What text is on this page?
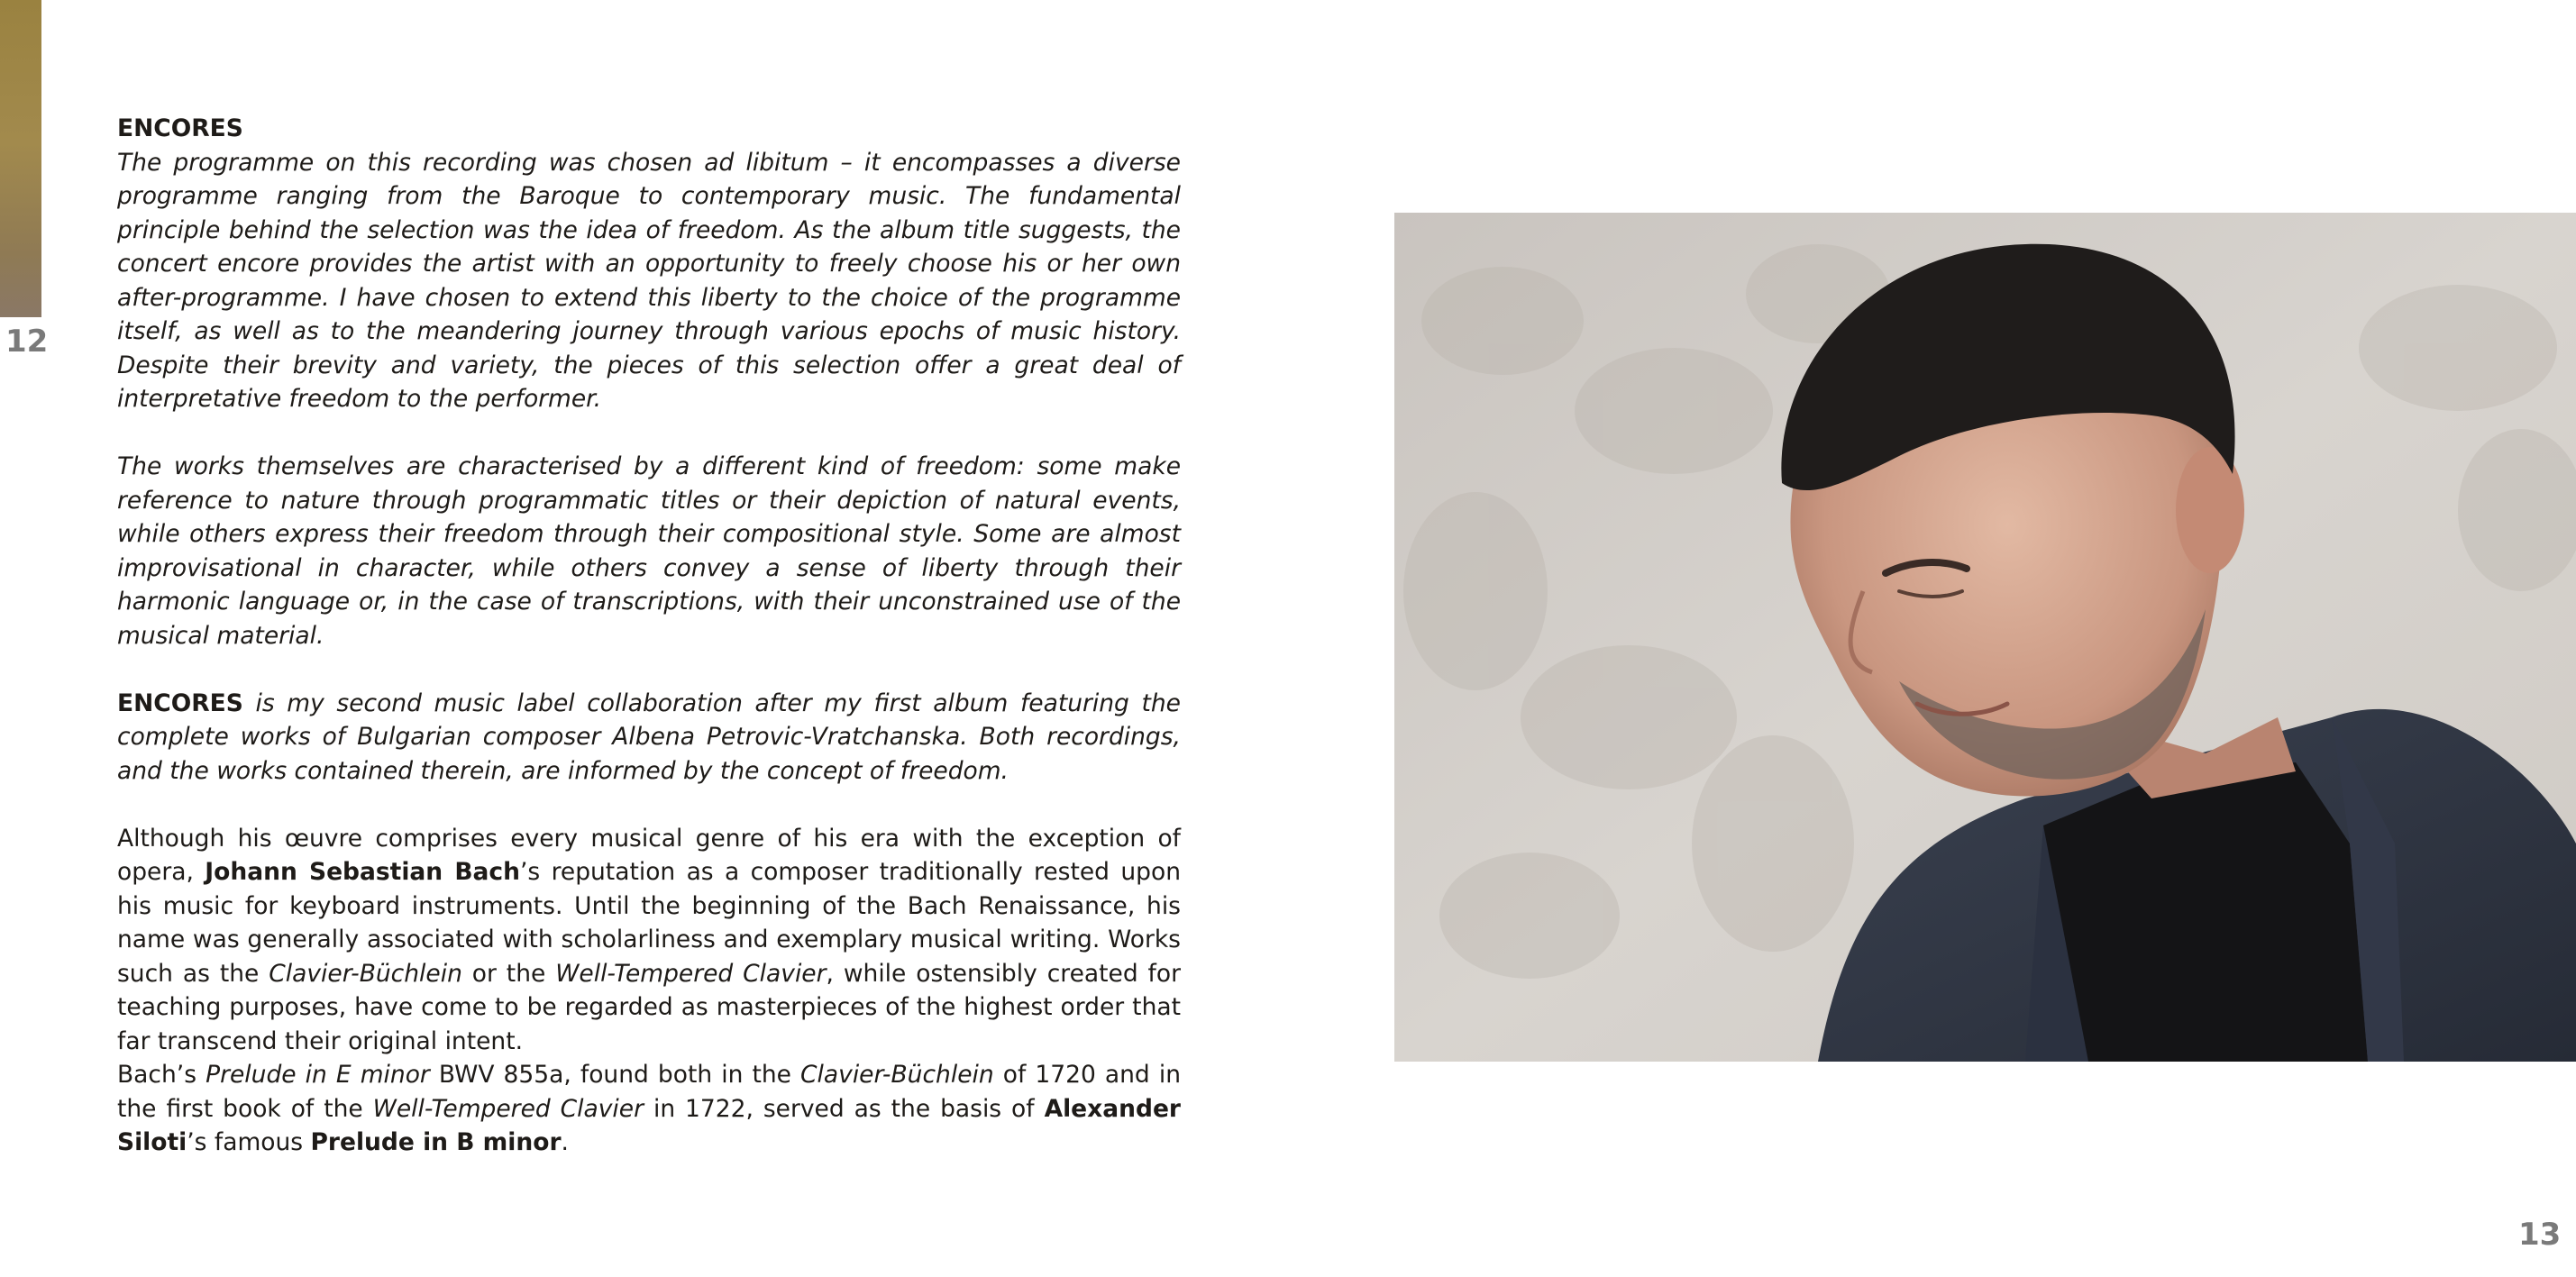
12

ENCORES

The programme on this recording was chosen ad libitum – it encompasses a diverse programme ranging from the Baroque to contemporary music. The fundamental principle behind the selection was the idea of freedom. As the album title suggests, the concert encore provides the artist with an opportunity to freely choose his or her own after-programme. I have chosen to extend this liberty to the choice of the programme itself, as well as to the meandering journey through various epochs of music history. Despite their brevity and variety, the pieces of this selection offer a great deal of interpretative freedom to the performer.

The works themselves are characterised by a different kind of freedom: some make reference to nature through programmatic titles or their depiction of natural events, while others express their freedom through their compositional style. Some are almost improvisational in character, while others convey a sense of liberty through their harmonic language or, in the case of transcriptions, with their unconstrained use of the musical material.

ENCORES is my second music label collaboration after my first album featuring the complete works of Bulgarian composer Albena Petrovic-Vratchanska. Both recordings, and the works contained therein, are informed by the concept of freedom.

Although his œuvre comprises every musical genre of his era with the exception of opera, Johann Sebastian Bach’s reputation as a composer traditionally rested upon his music for keyboard instruments. Until the beginning of the Bach Renaissance, his name was generally associated with scholarliness and exemplary musical writing. Works such as the Clavier-Büchlein or the Well-Tempered Clavier, while ostensibly created for teaching purposes, have come to be regarded as masterpieces of the highest order that far transcend their original intent.

Bach’s Prelude in E minor BWV 855a, found both in the Clavier-Büchlein of 1720 and in the first book of the Well-Tempered Clavier in 1722, served as the basis of Alexander Siloti’s famous Prelude in B minor.

13
